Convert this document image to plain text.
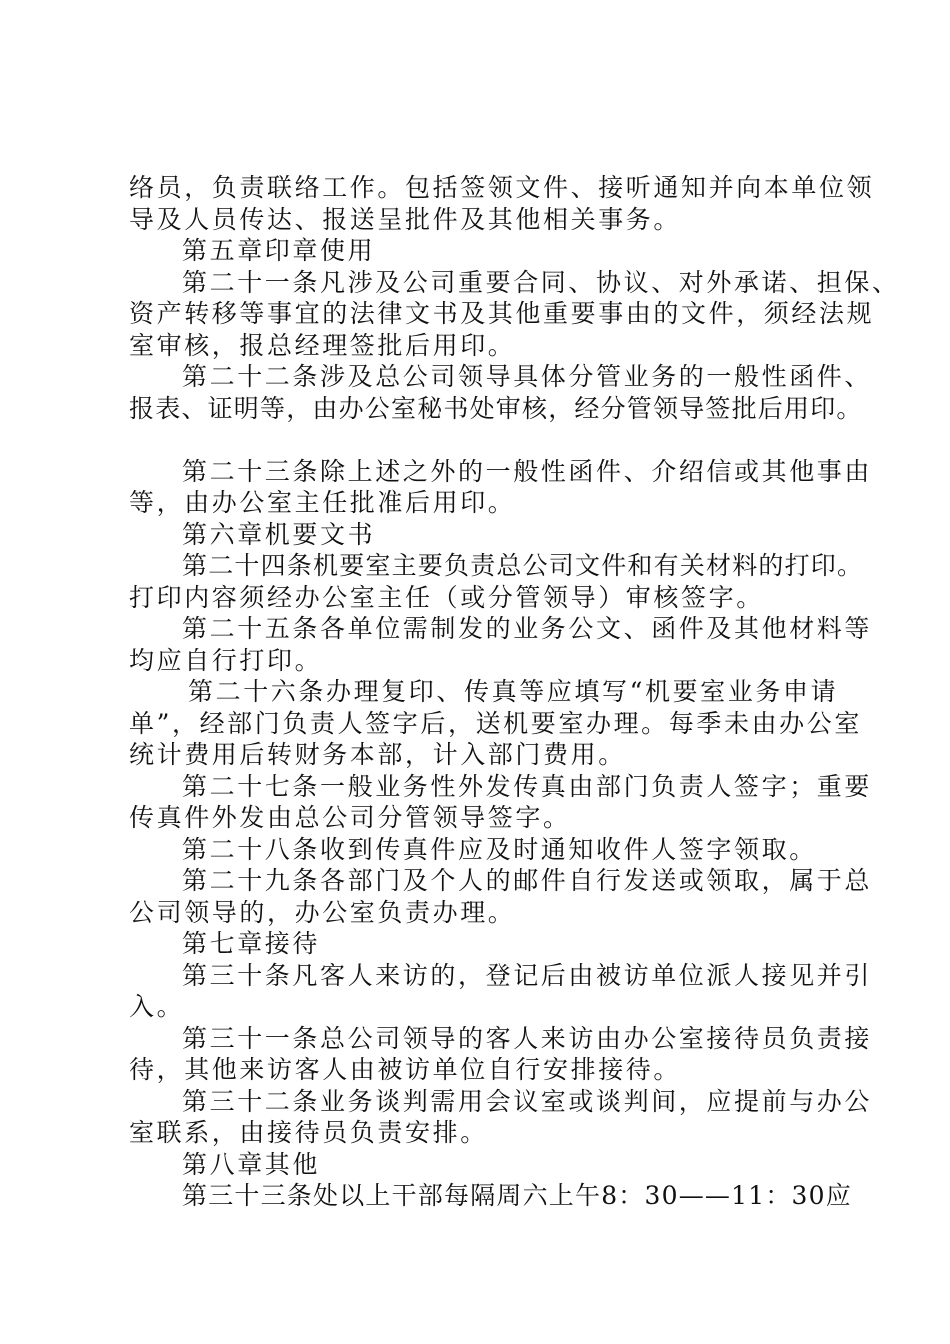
络员，负责联络工作。包括签领文件、接听通知并向本单位领
导及人员传达、报送呈批件及其他相关事务。
第五章印章使用
第二十一条凡涉及公司重要合同、协议、对外承诺、担保、
资产转移等事宜的法律文书及其他重要事由的文件，须经法规
室审核，报总经理签批后用印。
第二十二条涉及总公司领导具体分管业务的一般性函件、
报表、证明等，由办公室秘书处审核，经分管领导签批后用印。
第二十三条除上述之外的一般性函件、介绍信或其他事由
等，由办公室主任批准后用印。
第六章机要文书
第二十四条机要室主要负责总公司文件和有关材料的打印。
打印内容须经办公室主任（或分管领导）审核签字。
第二十五条各单位需制发的业务公文、函件及其他材料等
均应自行打印。
第二十六条办理复印、传真等应填写“机要室业务申请
单”，经部门负责人签字后，送机要室办理。每季未由办公室
统计费用后转财务本部，计入部门费用。
第二十七条一般业务性外发传真由部门负责人签字；重要
传真件外发由总公司分管领导签字。
第二十八条收到传真件应及时通知收件人签字领取。
第二十九条各部门及个人的邮件自行发送或领取，属于总
公司领导的，办公室负责办理。
第七章接待
第三十条凡客人来访的，登记后由被访单位派人接见并引
入。
第三十一条总公司领导的客人来访由办公室接待员负责接
待，其他来访客人由被访单位自行安排接待。
第三十二条业务谈判需用会议室或谈判间，应提前与办公
室联系，由接待员负责安排。
第八章其他
第三十三条处以上干部每隔周六上午8：30——11：30应
